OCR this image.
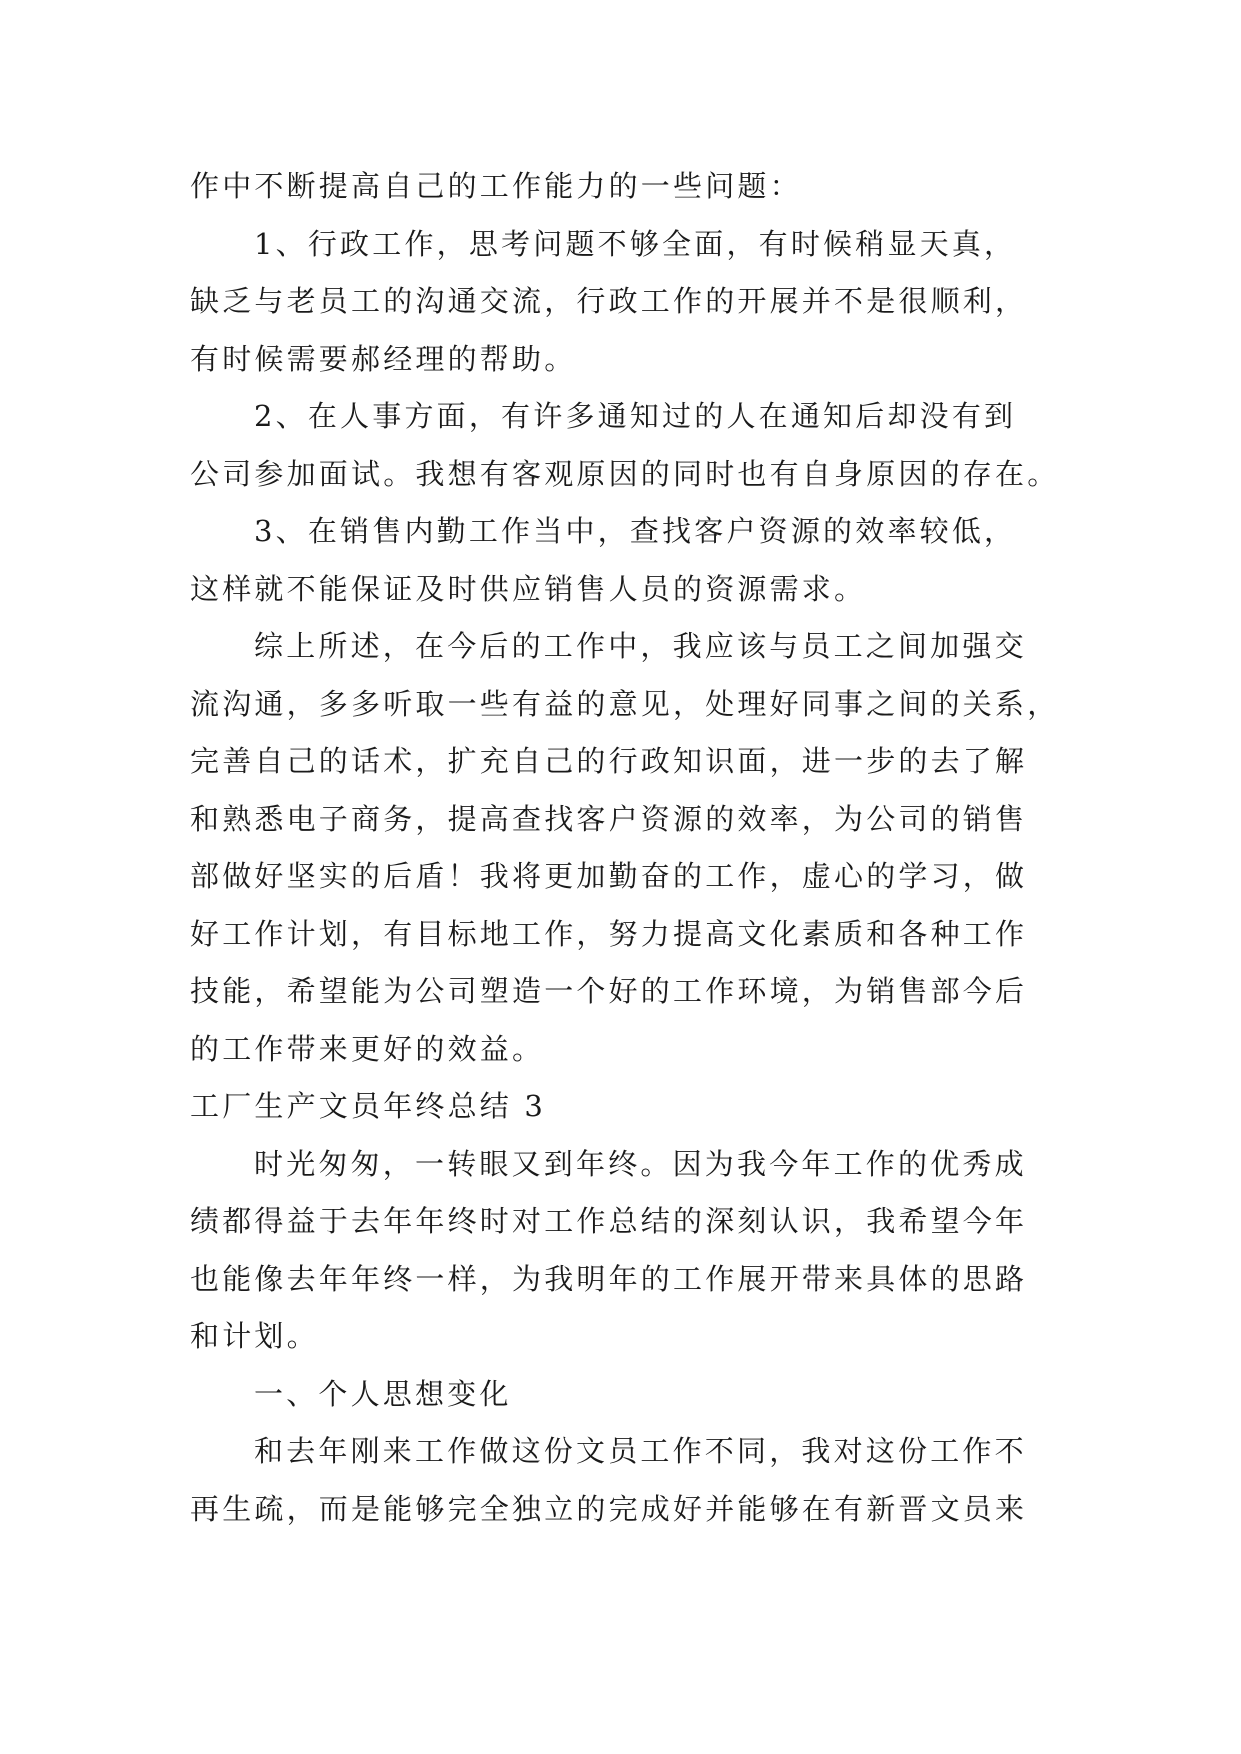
作中不断提高自己的工作能力的一些问题：
1、行政工作，思考问题不够全面，有时候稍显天真，
缺乏与老员工的沟通交流，行政工作的开展并不是很顺利，
有时候需要郝经理的帮助。
2、在人事方面，有许多通知过的人在通知后却没有到
公司参加面试。我想有客观原因的同时也有自身原因的存在。
3、在销售内勤工作当中，查找客户资源的效率较低，
这样就不能保证及时供应销售人员的资源需求。
综上所述，在今后的工作中，我应该与员工之间加强交
流沟通，多多听取一些有益的意见，处理好同事之间的关系，
完善自己的话术，扩充自己的行政知识面，进一步的去了解
和熟悉电子商务，提高查找客户资源的效率，为公司的销售
部做好坚实的后盾！我将更加勤奋的工作，虚心的学习，做
好工作计划，有目标地工作，努力提高文化素质和各种工作
技能，希望能为公司塑造一个好的工作环境，为销售部今后
的工作带来更好的效益。
工厂生产文员年终总结 3
时光匆匆，一转眼又到年终。因为我今年工作的优秀成
绩都得益于去年年终时对工作总结的深刻认识，我希望今年
也能像去年年终一样，为我明年的工作展开带来具体的思路
和计划。
一、个人思想变化
和去年刚来工作做这份文员工作不同，我对这份工作不
再生疏，而是能够完全独立的完成好并能够在有新晋文员来
